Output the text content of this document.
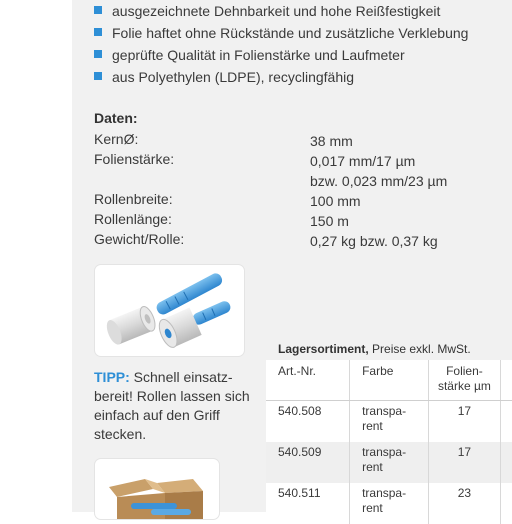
ausgezeichnete Dehnbarkeit und hohe Reißfestigkeit
Folie haftet ohne Rückstände und zusätzliche Verklebung
geprüfte Qualität in Folienstärke und Laufmeter
aus Polyethylen (LDPE), recyclingfähig
Daten:
KernØ:	38 mm
Folienstärke:	0,017 mm/17 µm
bzw. 0,023 mm/23 µm
Rollenbreite:	100 mm
Rollenlänge:	150 m
Gewicht/Rolle:	0,27 kg bzw. 0,37 kg
TIPP: Schnell einsatz-bereit! Rollen lassen sich einfach auf den Griff stecken.
Lagersortiment, Preise exkl. MwSt.
Art.-Nr.	Farbe	Folien-stärke µm	
540.508	transpa-rent	17	
540.509	transpa-rent	17	
540.511	transpa-rent	23	
